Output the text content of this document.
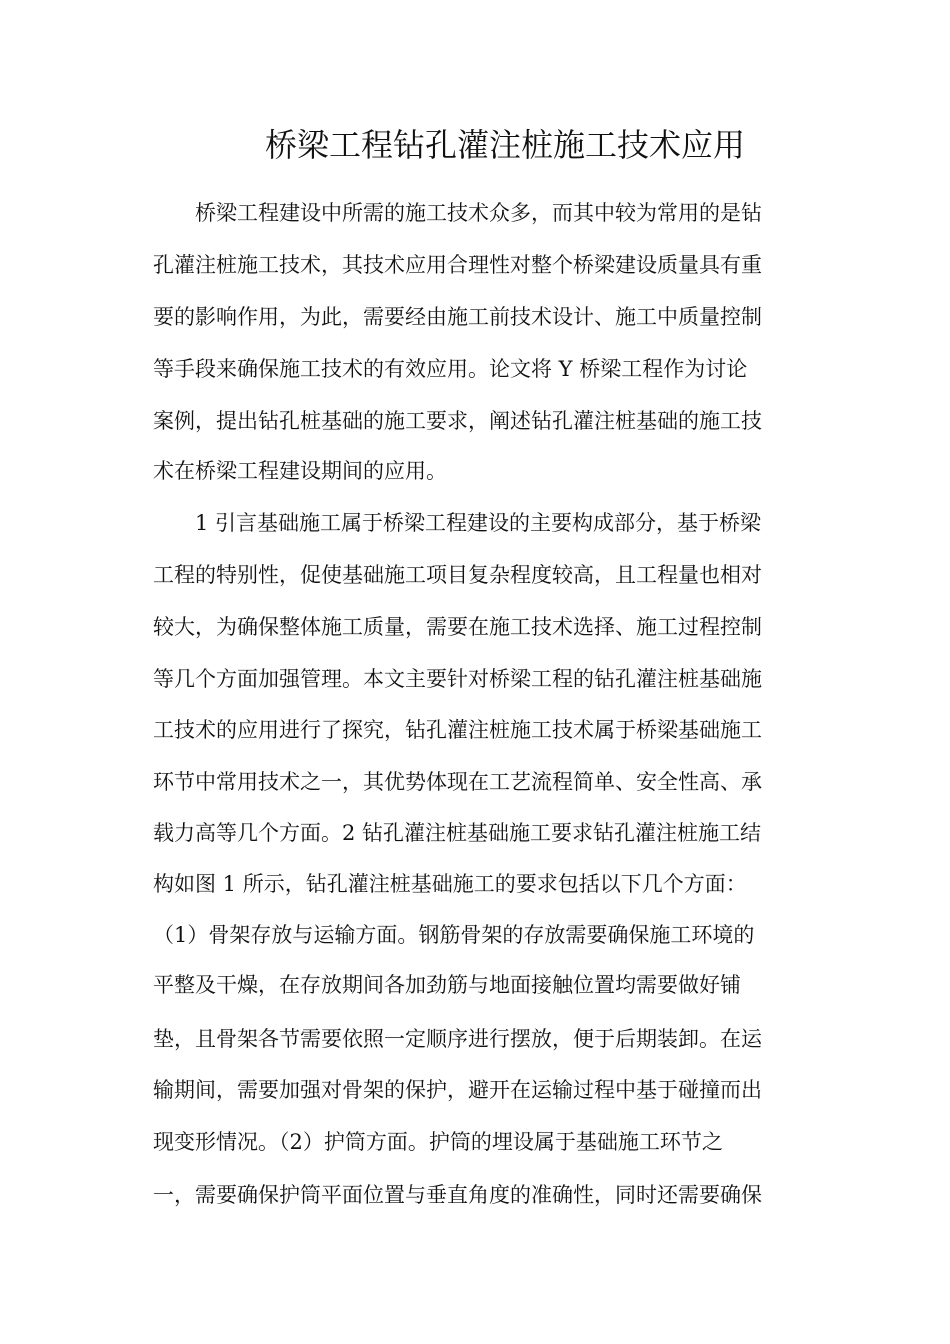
桥梁工程钻孔灌注桩施工技术应用

桥梁工程建设中所需的施工技术众多，而其中较为常用的是钻

孔灌注桩施工技术，其技术应用合理性对整个桥梁建设质量具有重

要的影响作用，为此，需要经由施工前技术设计、施工中质量控制

等手段来确保施工技术的有效应用。论文将 Y 桥梁工程作为讨论

案例，提出钻孔桩基础的施工要求，阐述钻孔灌注桩基础的施工技

术在桥梁工程建设期间的应用。

1 引言基础施工属于桥梁工程建设的主要构成部分，基于桥梁

工程的特别性，促使基础施工项目复杂程度较高，且工程量也相对

较大，为确保整体施工质量，需要在施工技术选择、施工过程控制

等几个方面加强管理。本文主要针对桥梁工程的钻孔灌注桩基础施

工技术的应用进行了探究，钻孔灌注桩施工技术属于桥梁基础施工

环节中常用技术之一，其优势体现在工艺流程简单、安全性高、承

载力高等几个方面。2 钻孔灌注桩基础施工要求钻孔灌注桩施工结

构如图 1 所示，钻孔灌注桩基础施工的要求包括以下几个方面：

（1）骨架存放与运输方面。钢筋骨架的存放需要确保施工环境的

平整及干燥，在存放期间各加劲筋与地面接触位置均需要做好铺

垫，且骨架各节需要依照一定顺序进行摆放，便于后期装卸。在运

输期间，需要加强对骨架的保护，避开在运输过程中基于碰撞而出

现变形情况。（2）护筒方面。护筒的埋设属于基础施工环节之

一，需要确保护筒平面位置与垂直角度的准确性，同时还需要确保
